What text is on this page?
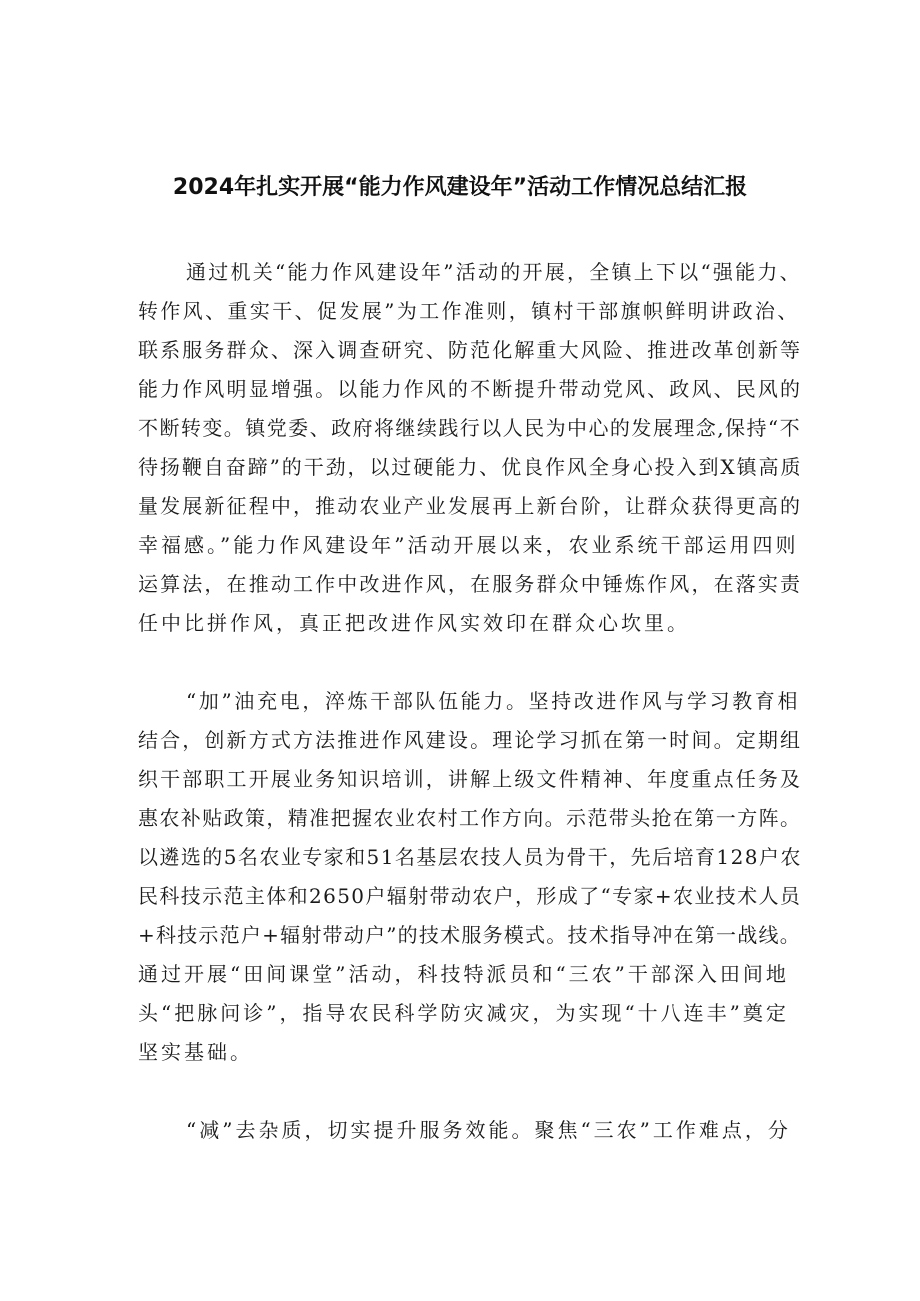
2024年扎实开展“能力作风建设年”活动工作情况总结汇报

通过机关“能力作风建设年”活动的开展，全镇上下以“强能力、

转作风、重实干、促发展”为工作准则，镇村干部旗帜鲜明讲政治、

联系服务群众、深入调查研究、防范化解重大风险、推进改革创新等

能力作风明显增强。以能力作风的不断提升带动党风、政风、民风的

不断转变。镇党委、政府将继续践行以人民为中心的发展理念,保持“不

待扬鞭自奋蹄”的干劲，以过硬能力、优良作风全身心投入到X镇高质

量发展新征程中，推动农业产业发展再上新台阶，让群众获得更高的

幸福感。”能力作风建设年”活动开展以来，农业系统干部运用四则

运算法，在推动工作中改进作风，在服务群众中锤炼作风，在落实责

任中比拼作风，真正把改进作风实效印在群众心坎里。

“加”油充电，淬炼干部队伍能力。坚持改进作风与学习教育相

结合，创新方式方法推进作风建设。理论学习抓在第一时间。定期组

织干部职工开展业务知识培训，讲解上级文件精神、年度重点任务及

惠农补贴政策，精准把握农业农村工作方向。示范带头抢在第一方阵。

以遴选的5名农业专家和51名基层农技人员为骨干，先后培育128户农

民科技示范主体和2650户辐射带动农户，形成了“专家+农业技术人员

+科技示范户+辐射带动户”的技术服务模式。技术指导冲在第一战线。

通过开展“田间课堂”活动，科技特派员和“三农”干部深入田间地

头“把脉问诊”，指导农民科学防灾减灾，为实现“十八连丰”奠定

坚实基础。

“减”去杂质，切实提升服务效能。聚焦“三农”工作难点，分
